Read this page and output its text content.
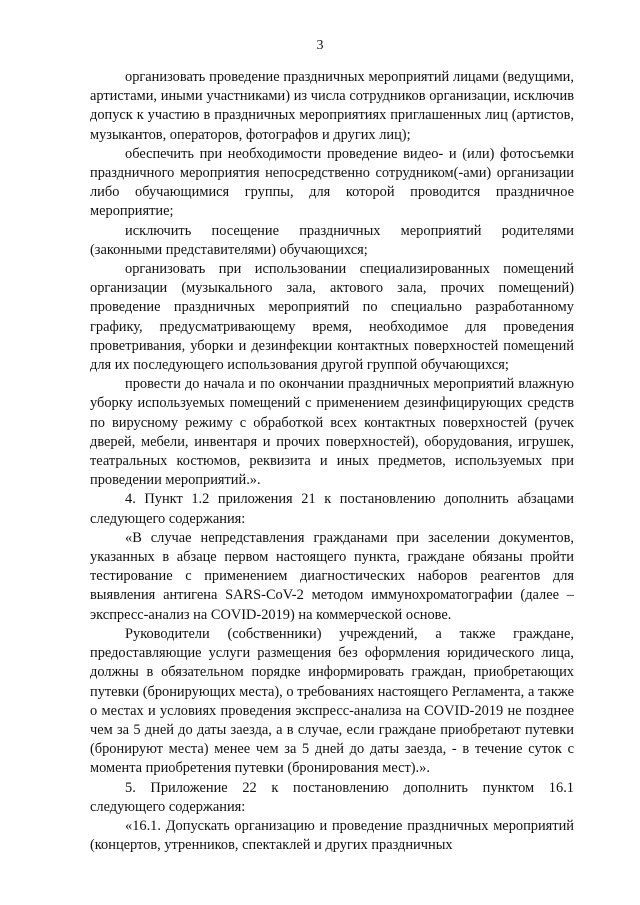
3

организовать проведение праздничных мероприятий лицами (ведущими, артистами, иными участниками) из числа сотрудников организации, исключив допуск к участию в праздничных мероприятиях приглашенных лиц (артистов, музыкантов, операторов, фотографов и других лиц);

обеспечить при необходимости проведение видео- и (или) фотосъемки праздничного мероприятия непосредственно сотрудником(-ами) организации либо обучающимися группы, для которой проводится праздничное мероприятие;

исключить посещение праздничных мероприятий родителями (законными представителями) обучающихся;

организовать при использовании специализированных помещений организации (музыкального зала, актового зала, прочих помещений) проведение праздничных мероприятий по специально разработанному графику, предусматривающему время, необходимое для проведения проветривания, уборки и дезинфекции контактных поверхностей помещений для их последующего использования другой группой обучающихся;

провести до начала и по окончании праздничных мероприятий влажную уборку используемых помещений с применением дезинфицирующих средств по вирусному режиму с обработкой всех контактных поверхностей (ручек дверей, мебели, инвентаря и прочих поверхностей), оборудования, игрушек, театральных костюмов, реквизита и иных предметов, используемых при проведении мероприятий.».

4. Пункт 1.2 приложения 21 к постановлению дополнить абзацами следующего содержания:

«В случае непредставления гражданами при заселении документов, указанных в абзаце первом настоящего пункта, граждане обязаны пройти тестирование с применением диагностических наборов реагентов для выявления антигена SARS-CoV-2 методом иммунохроматографии (далее – экспресс-анализ на COVID-2019) на коммерческой основе.

Руководители (собственники) учреждений, а также граждане, предоставляющие услуги размещения без оформления юридического лица, должны в обязательном порядке информировать граждан, приобретающих путевки (бронирующих места), о требованиях настоящего Регламента, а также о местах и условиях проведения экспресс-анализа на COVID-2019 не позднее чем за 5 дней до даты заезда, а в случае, если граждане приобретают путевки (бронируют места) менее чем за 5 дней до даты заезда, - в течение суток с момента приобретения путевки (бронирования мест).».

5. Приложение 22 к постановлению дополнить пунктом 16.1 следующего содержания:

«16.1. Допускать организацию и проведение праздничных мероприятий (концертов, утренников, спектаклей и других праздничных
